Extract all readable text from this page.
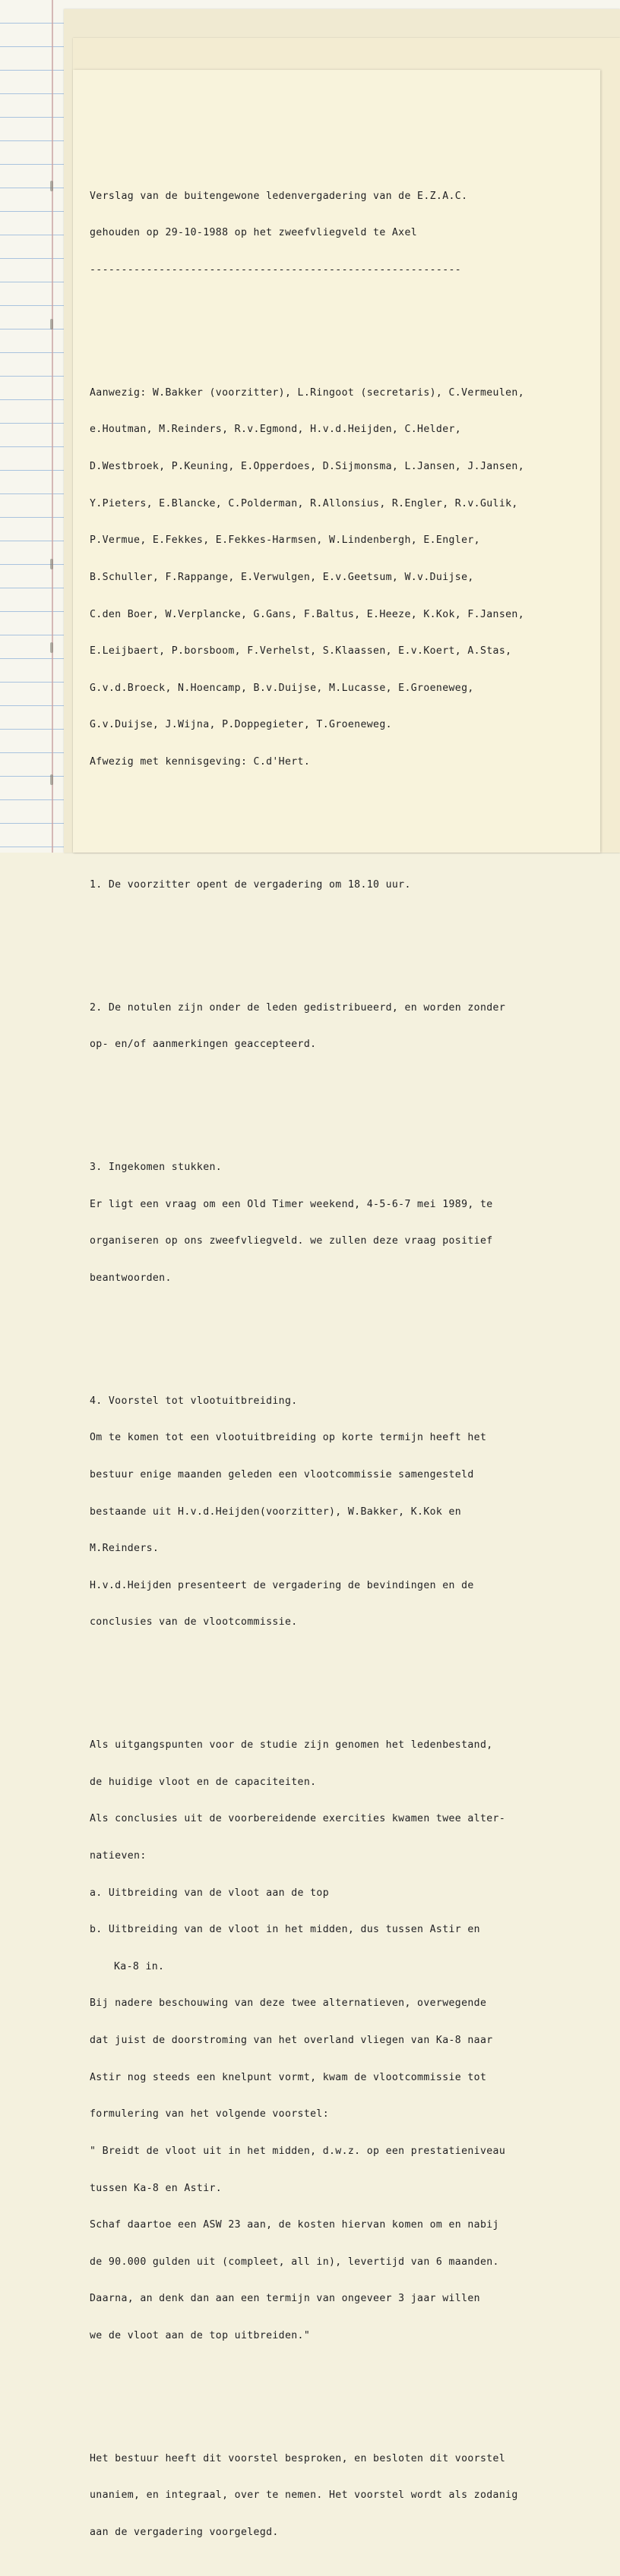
Verslag van de buitengewone ledenvergadering van de E.Z.A.C.

gehouden op 29-10-1988 op het zweefvliegveld te Axel

-----------------------------------------------------------

Aanwezig: W.Bakker (voorzitter), L.Ringoot (secretaris), C.Vermeulen,

e.Houtman, M.Reinders, R.v.Egmond, H.v.d.Heijden, C.Helder,

D.Westbroek, P.Keuning, E.Opperdoes, D.Sijmonsma, L.Jansen, J.Jansen,

Y.Pieters, E.Blancke, C.Polderman, R.Allonsius, R.Engler, R.v.Gulik,

P.Vermue, E.Fekkes, E.Fekkes-Harmsen, W.Lindenbergh, E.Engler,

B.Schuller, F.Rappange, E.Verwulgen, E.v.Geetsum, W.v.Duijse,

C.den Boer, W.Verplancke, G.Gans, F.Baltus, E.Heeze, K.Kok, F.Jansen,

E.Leijbaert, P.borsboom, F.Verhelst, S.Klaassen, E.v.Koert, A.Stas,

G.v.d.Broeck, N.Hoencamp, B.v.Duijse, M.Lucasse, E.Groeneweg,

G.v.Duijse, J.Wijna, P.Doppegieter, T.Groeneweg.

Afwezig met kennisgeving: C.d'Hert.

1. De voorzitter opent de vergadering om 18.10 uur.

2. De notulen zijn onder de leden gedistribueerd, en worden zonder

op- en/of aanmerkingen geaccepteerd.

3. Ingekomen stukken.

Er ligt een vraag om een Old Timer weekend, 4-5-6-7 mei 1989, te

organiseren op ons zweefvliegveld. we zullen deze vraag positief

beantwoorden.

4. Voorstel tot vlootuitbreiding.

Om te komen tot een vlootuitbreiding op korte termijn heeft het

bestuur enige maanden geleden een vlootcommissie samengesteld

bestaande uit H.v.d.Heijden(voorzitter), W.Bakker, K.Kok en

M.Reinders.

H.v.d.Heijden presenteert de vergadering de bevindingen en de

conclusies van de vlootcommissie.

Als uitgangspunten voor de studie zijn genomen het ledenbestand,

de huidige vloot en de capaciteiten.

Als conclusies uit de voorbereidende exercities kwamen twee alter-

natieven:

a. Uitbreiding van de vloot aan de top

b. Uitbreiding van de vloot in het midden, dus tussen Astir en

Ka-8 in.

Bij nadere beschouwing van deze twee alternatieven, overwegende

dat juist de doorstroming van het overland vliegen van Ka-8 naar

Astir nog steeds een knelpunt vormt, kwam de vlootcommissie tot

formulering van het volgende voorstel:

" Breidt de vloot uit in het midden, d.w.z. op een prestatieniveau

tussen Ka-8 en Astir.

Schaf daartoe een ASW 23 aan, de kosten hiervan komen om en nabij

de 90.000 gulden uit (compleet, all in), levertijd van 6 maanden.

Daarna, an denk dan aan een termijn van ongeveer 3 jaar willen

we de vloot aan de top uitbreiden."

Het bestuur heeft dit voorstel besproken, en besloten dit voorstel

unaniem, en integraal, over te nemen. Het voorstel wordt als zodanig

aan de vergadering voorgelegd.
